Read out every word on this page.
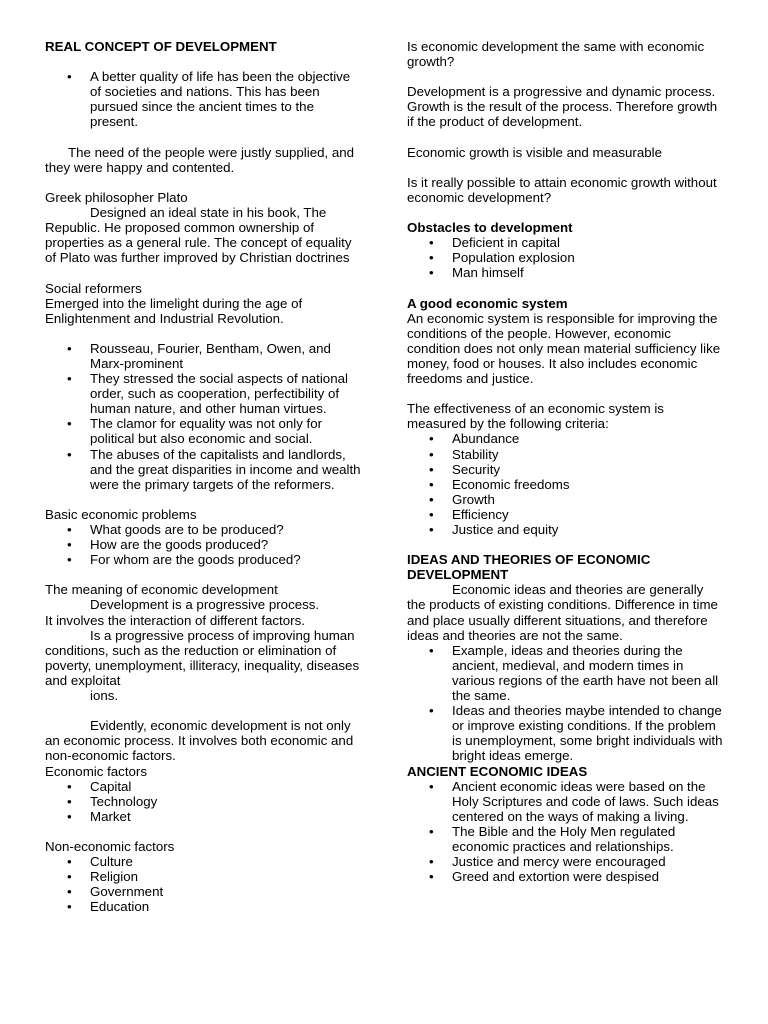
REAL CONCEPT OF DEVELOPMENT

• A better quality of life has been the objective of societies and nations. This has been pursued since the ancient times to the present.

The need of the people were justly supplied, and they were happy and contented.

Greek philosopher Plato

Designed an ideal state in his book, The Republic. He proposed common ownership of properties as a general rule. The concept of equality of Plato was further improved by Christian doctrines

Social reformers

Emerged into the limelight during the age of Enlightenment and Industrial Revolution.

• Rousseau, Fourier, Bentham, Owen, and Marx-prominent
• They stressed the social aspects of national order, such as cooperation, perfectibility of human nature, and other human virtues.
• The clamor for equality was not only for political but also economic and social.
• The abuses of the capitalists and landlords, and the great disparities in income and wealth were the primary targets of the reformers.

Basic economic problems

• What goods are to be produced?
• How are the goods produced?
• For whom are the goods produced?

The meaning of economic development

Development is a progressive process.

It involves the interaction of different factors.

Is a progressive process of improving human conditions, such as the reduction or elimination of poverty, unemployment, illiteracy, inequality, diseases and exploitat

ions.

Evidently, economic development is not only an economic process. It involves both economic and non-economic factors.

Economic factors

• Capital
• Technology
• Market

Non-economic factors

• Culture
• Religion
• Government
• Education

Is economic development the same with economic growth?

Development is a progressive and dynamic process.

Growth is the result of the process. Therefore growth if the product of development.

Economic growth is visible and measurable

Is it really possible to attain economic growth without economic development?

Obstacles to development

• Deficient in capital
• Population explosion
• Man himself

A good economic system

An economic system is responsible for improving the conditions of the people. However, economic condition does not only mean material sufficiency like money, food or houses. It also includes economic freedoms and justice.

The effectiveness of an economic system is measured by the following criteria:

• Abundance
• Stability
• Security
• Economic freedoms
• Growth
• Efficiency
• Justice and equity

IDEAS AND THEORIES OF ECONOMIC DEVELOPMENT

Economic ideas and theories are generally the products of existing conditions. Difference in time and place usually different situations, and therefore ideas and theories are not the same.

• Example, ideas and theories during the ancient, medieval, and modern times in various regions of the earth have not been all the same.
• Ideas and theories maybe intended to change or improve existing conditions. If the problem is unemployment, some bright individuals with bright ideas emerge.

ANCIENT ECONOMIC IDEAS

• Ancient economic ideas were based on the Holy Scriptures and code of laws. Such ideas centered on the ways of making a living.
• The Bible and the Holy Men regulated economic practices and relationships.
• Justice and mercy were encouraged
• Greed and extortion were despised
